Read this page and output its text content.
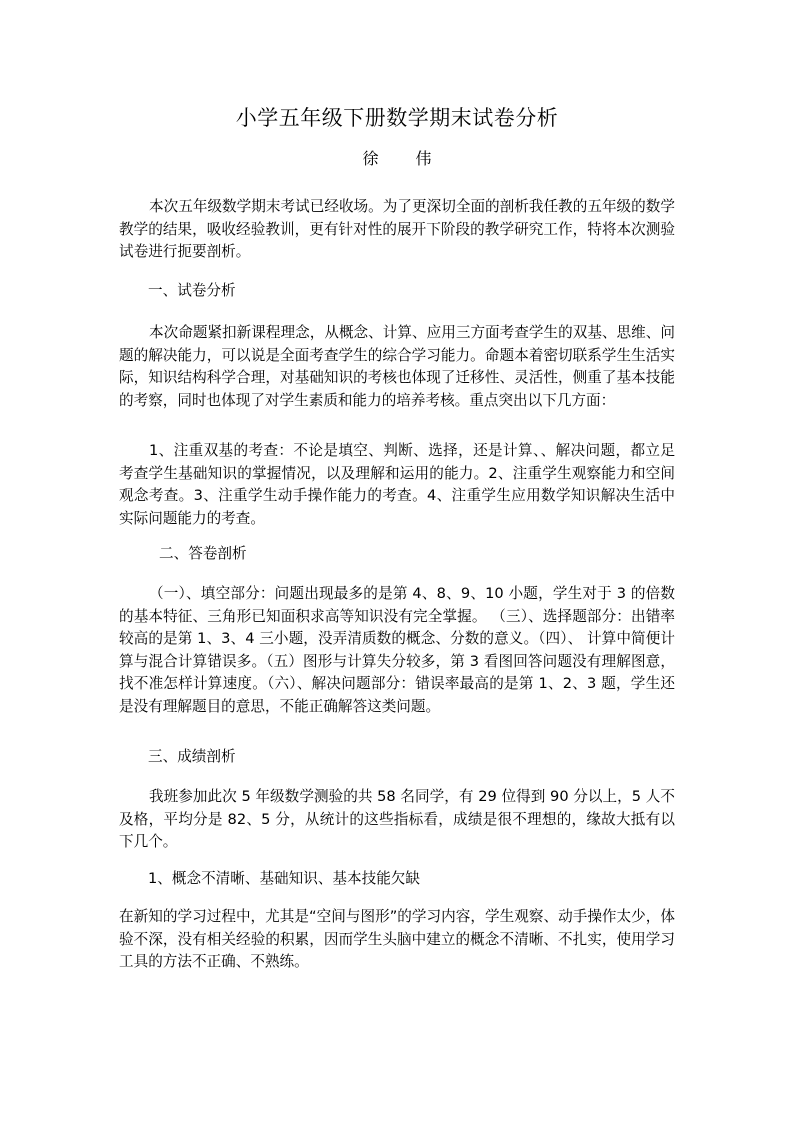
小学五年级下册数学期末试卷分析
徐 伟

本次五年级数学期末考试已经收场。为了更深切全面的剖析我任教的五年级的数学教学的结果，吸收经验教训，更有针对性的展开下阶段的教学研究工作，特将本次测验试卷进行扼要剖析。

一、试卷分析

本次命题紧扣新课程理念，从概念、计算、应用三方面考查学生的双基、思维、问题的解决能力，可以说是全面考查学生的综合学习能力。命题本着密切联系学生生活实际，知识结构科学合理，对基础知识的考核也体现了迁移性、灵活性，侧重了基本技能的考察，同时也体现了对学生素质和能力的培养考核。重点突出以下几方面：

1、注重双基的考查：不论是填空、判断、选择，还是计算、、解决问题，都立足考查学生基础知识的掌握情况，以及理解和运用的能力。2、注重学生观察能力和空间观念考查。3、注重学生动手操作能力的考查。4、注重学生应用数学知识解决生活中实际问题能力的考查。

二、答卷剖析

（一）、填空部分：问题出现最多的是第 4、8、9、10 小题，学生对于 3 的倍数的基本特征、三角形已知面积求高等知识没有完全掌握。 （三）、选择题部分：出错率较高的是第 1、3、4 三小题，没弄清质数的概念、分数的意义。（四）、 计算中简便计算与混合计算错误多。（五）图形与计算失分较多，第 3 看图回答问题没有理解图意，找不准怎样计算速度。（六）、解决问题部分：错误率最高的是第 1、2、3 题，学生还是没有理解题目的意思，不能正确解答这类问题。

三、成绩剖析

我班参加此次 5 年级数学测验的共 58 名同学，有 29 位得到 90 分以上，5 人不及格，平均分是 82、5 分，从统计的这些指标看，成绩是很不理想的，缘故大抵有以下几个。

1、概念不清晰、基础知识、基本技能欠缺

在新知的学习过程中，尤其是“空间与图形”的学习内容，学生观察、动手操作太少，体验不深，没有相关经验的积累，因而学生头脑中建立的概念不清晰、不扎实，使用学习工具的方法不正确、不熟练。
